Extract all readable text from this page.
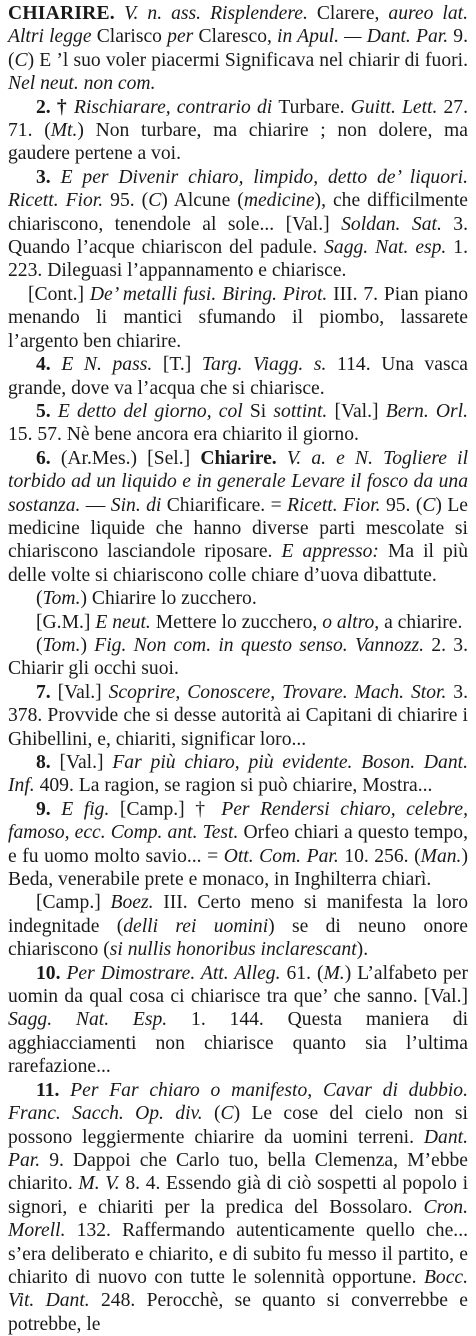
CHIARIRE. V. n. ass. Risplendere. Clarere, aureo lat. Altri legge Clarisco per Claresco, in Apul. — Dant. Par. 9. (C) E ’l suo voler piacermi Significava nel chiarir di fuori. Nel neut. non com.

2. † Rischiarare, contrario di Turbare. Guitt. Lett. 27. 71. (Mt.) Non turbare, ma chiarire ; non dolere, ma gaudere pertene a voi.

3. E per Divenir chiaro, limpido, detto de’ liquori. Ricett. Fior. 95. (C) Alcune (medicine), che difficilmente chiariscono, tenendole al sole... [Val.] Soldan. Sat. 3. Quando l’acque chiariscon del padule. Sagg. Nat. esp. 1. 223. Dileguasi l’appannamento e chiarisce.

[Cont.] De’ metalli fusi. Biring. Pirot. III. 7. Pian piano menando li mantici sfumando il piombo, lassarete l’argento ben chiarire.

4. E N. pass. [T.] Targ. Viagg. s. 114. Una vasca grande, dove va l’acqua che si chiarisce.

5. E detto del giorno, col Si sottint. [Val.] Bern. Orl. 15. 57. Nè bene ancora era chiarito il giorno.

6. (Ar.Mes.) [Sel.] Chiarire. V. a. e N. Togliere il torbido ad un liquido e in generale Levare il fosco da una sostanza. — Sin. di Chiarificare. = Ricett. Fior. 95. (C) Le medicine liquide che hanno diverse parti mescolate si chiariscono lasciandole riposare. E appresso: Ma il più delle volte si chiariscono colle chiare d’uova dibattute.

(Tom.) Chiarire lo zucchero.

[G.M.] E neut. Mettere lo zucchero, o altro, a chiarire.

(Tom.) Fig. Non com. in questo senso. Vannozz. 2. 3. Chiarir gli occhi suoi.

7. [Val.] Scoprire, Conoscere, Trovare. Mach. Stor. 3. 378. Provvide che si desse autorità ai Capitani di chiarire i Ghibellini, e, chiariti, significar loro...

8. [Val.] Far più chiaro, più evidente. Boson. Dant. Inf. 409. La ragion, se ragion si può chiarire, Mostra...

9. E fig. [Camp.] † Per Rendersi chiaro, celebre, famoso, ecc. Comp. ant. Test. Orfeo chiari a questo tempo, e fu uomo molto savio... = Ott. Com. Par. 10. 256. (Man.) Beda, venerabile prete e monaco, in Inghilterra chiarì.

[Camp.] Boez. III. Certo meno si manifesta la loro indegnitade (delli rei uomini) se di neuno onore chiariscono (si nullis honoribus inclarescant).

10. Per Dimostrare. Att. Alleg. 61. (M.) L’alfabeto per uomin da qual cosa ci chiarisce tra que’ che sanno. [Val.] Sagg. Nat. Esp. 1. 144. Questa maniera di agghiacciamenti non chiarisce quanto sia l’ultima rarefazione...

11. Per Far chiaro o manifesto, Cavar di dubbio. Franc. Sacch. Op. div. (C) Le cose del cielo non si possono leggiermente chiarire da uomini terreni. Dant. Par. 9. Dappoi che Carlo tuo, bella Clemenza, M’ebbe chiarito. M. V. 8. 4. Essendo già di ciò sospetti al popolo i signori, e chiariti per la predica del Bossolaro. Cron. Morell. 132. Raffermando autenticamente quello che... s’era deliberato e chiarito, e di subito fu messo il partito, e chiarito di nuovo con tutte le solennità opportune. Bocc. Vit. Dant. 248. Perocchè, se quanto si converrebbe e potrebbe, le
